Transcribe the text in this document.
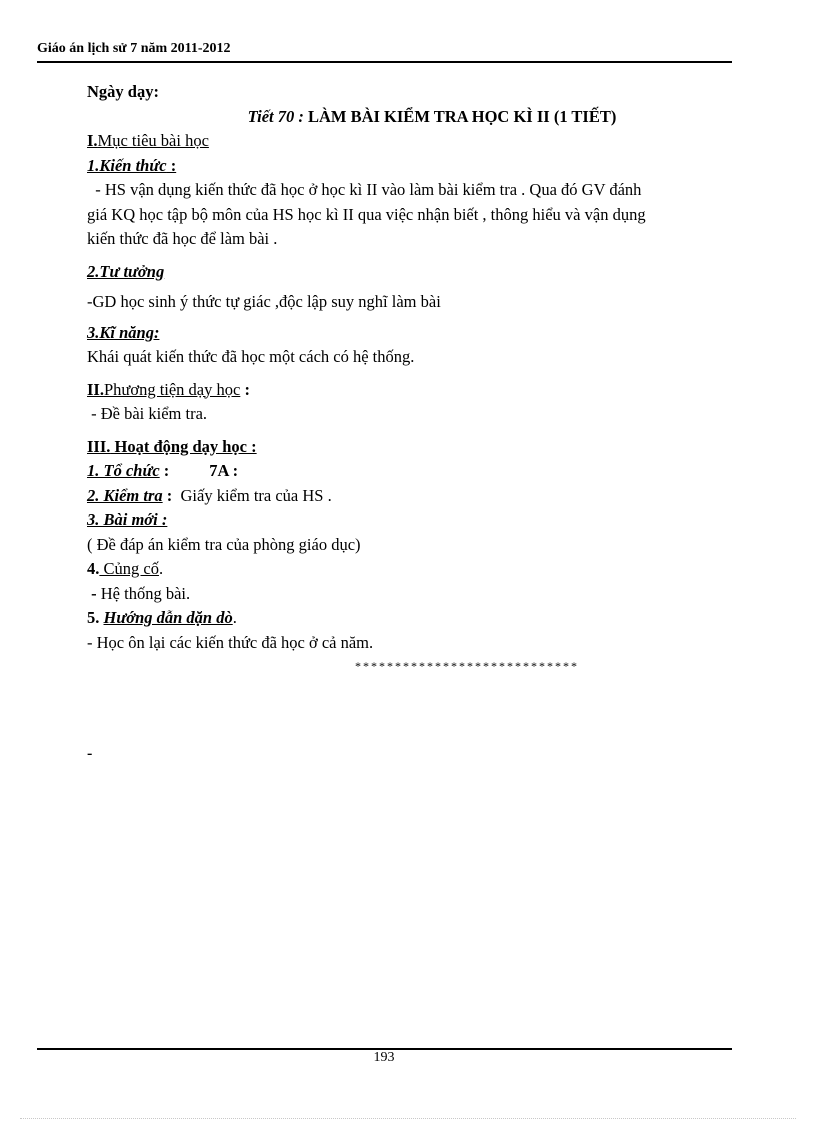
Giáo án lịch sử 7 năm 2011-2012
Ngày dạy:
Tiết 70 : LÀM BÀI KIỂM TRA HỌC KÌ II (1 TIẾT)
I.Mục tiêu bài học
1.Kiến thức :
- HS vận dụng kiến thức đã học ở học kì II vào làm bài kiểm tra . Qua đó GV đánh
giá KQ học tập bộ môn của HS học kì II qua việc nhận biết , thông hiểu và vận dụng
kiến thức đã học để làm bài .
2.Tư tưởng
-GD học sinh ý thức tự giác ,độc lập suy nghĩ làm bài
3.Kĩ năng:
Khái quát kiến thức đã học một cách có hệ thống.
II.Phương tiện dạy học :
- Đề bài kiểm tra.
III. Hoạt động dạy học :
1. Tổ chức : 7A :
2. Kiểm tra :  Giấy kiểm tra của HS .
3. Bài mới :
( Đề đáp án kiểm tra của phòng giáo dục)
4. Củng cố.
- Hệ thống bài.
5. Hướng dẫn dặn dò.
- Học ôn lại các kiến thức đã học ở cả năm.
****************************
-
193
